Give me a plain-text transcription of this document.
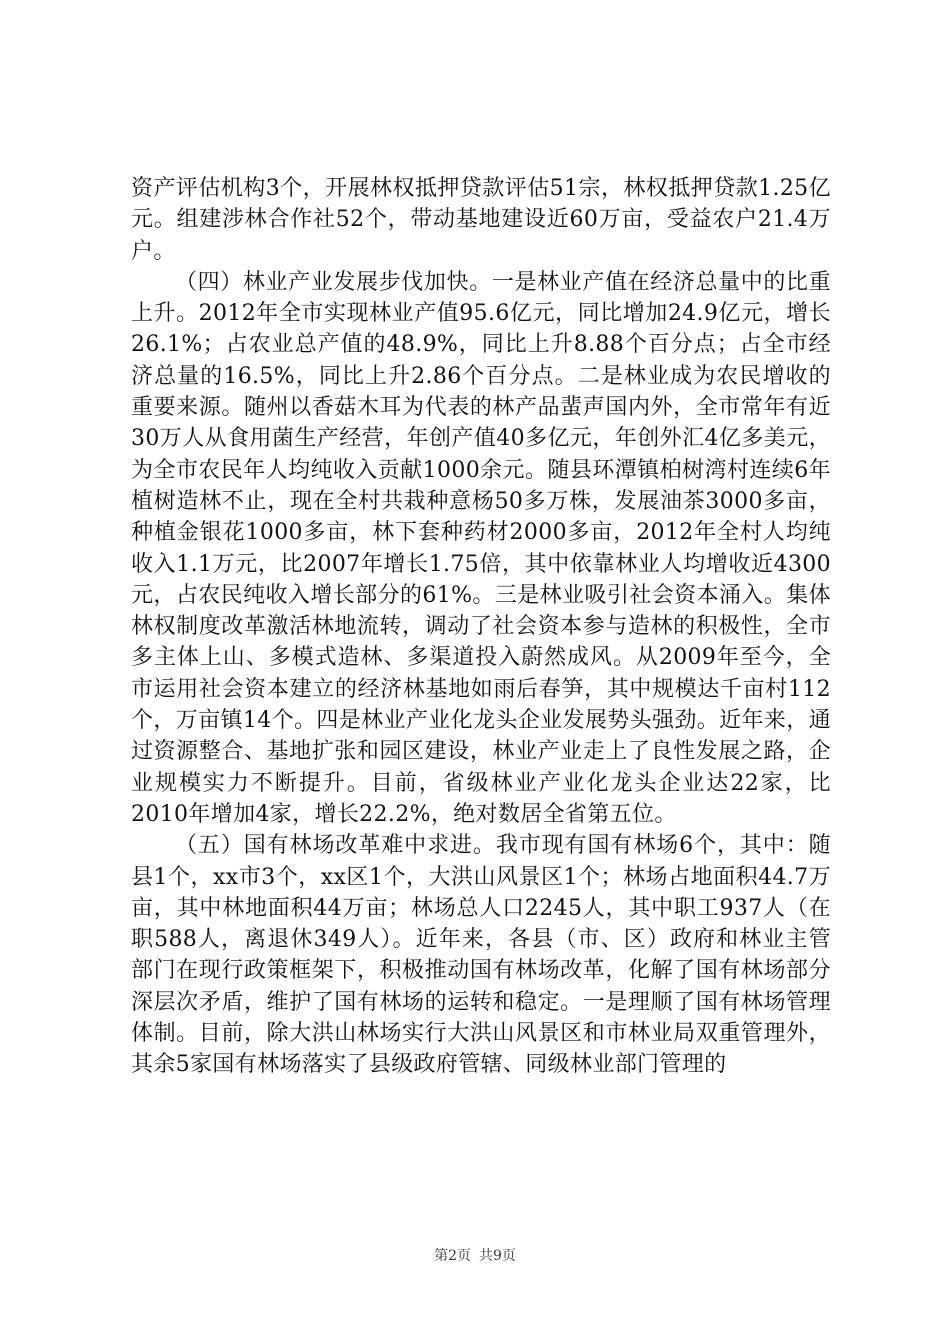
资产评估机构3个，开展林权抵押贷款评估51宗，林权抵押贷款1.25亿元。组建涉林合作社52个，带动基地建设近60万亩，受益农户21.4万户。

（四）林业产业发展步伐加快。一是林业产值在经济总量中的比重上升。2012年全市实现林业产值95.6亿元，同比增加24.9亿元，增长26.1%；占农业总产值的48.9%，同比上升8.88个百分点；占全市经济总量的16.5%，同比上升2.86个百分点。二是林业成为农民增收的重要来源。随州以香菇木耳为代表的林产品蜚声国内外，全市常年有近30万人从食用菌生产经营，年创产值40多亿元，年创外汇4亿多美元，为全市农民年人均纯收入贡献1000余元。随县环潭镇柏树湾村连续6年植树造林不止，现在全村共栽种意杨50多万株，发展油茶3000多亩，种植金银花1000多亩，林下套种药材2000多亩，2012年全村人均纯收入1.1万元，比2007年增长1.75倍，其中依靠林业人均增收近4300元，占农民纯收入增长部分的61%。三是林业吸引社会资本涌入。集体林权制度改革激活林地流转，调动了社会资本参与造林的积极性，全市多主体上山、多模式造林、多渠道投入蔚然成风。从2009年至今，全市运用社会资本建立的经济林基地如雨后春笋，其中规模达千亩村112个，万亩镇14个。四是林业产业化龙头企业发展势头强劲。近年来，通过资源整合、基地扩张和园区建设，林业产业走上了良性发展之路，企业规模实力不断提升。目前，省级林业产业化龙头企业达22家，比2010年增加4家，增长22.2%，绝对数居全省第五位。

（五）国有林场改革难中求进。我市现有国有林场6个，其中：随县1个，xx市3个，xx区1个，大洪山风景区1个；林场占地面积44.7万亩，其中林地面积44万亩；林场总人口2245人，其中职工937人（在职588人，离退休349人）。近年来，各县（市、区）政府和林业主管部门在现行政策框架下，积极推动国有林场改革，化解了国有林场部分深层次矛盾，维护了国有林场的运转和稳定。一是理顺了国有林场管理体制。目前，除大洪山林场实行大洪山风景区和市林业局双重管理外，其余5家国有林场落实了县级政府管辖、同级林业部门管理的

第2页 共9页
